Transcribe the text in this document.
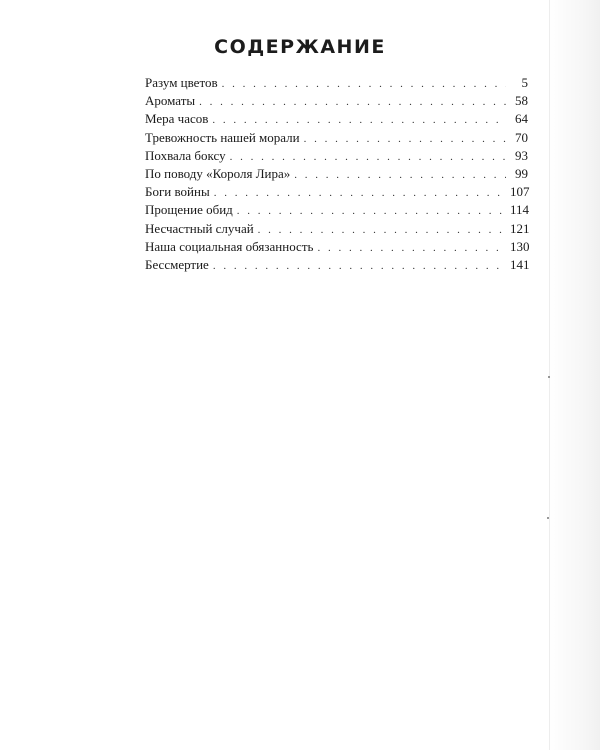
СОДЕРЖАНИЕ
Разум цветов . . .	5
Ароматы . . .	58
Мера часов . . .	64
Тревожность нашей морали . . .	70
Похвала боксу . . .	93
По поводу «Короля Лира» . . .	99
Боги войны . . .	107
Прощение обид . . .	114
Несчастный случай . . .	121
Наша социальная обязанность . . .	130
Бессмертие . . .	141
